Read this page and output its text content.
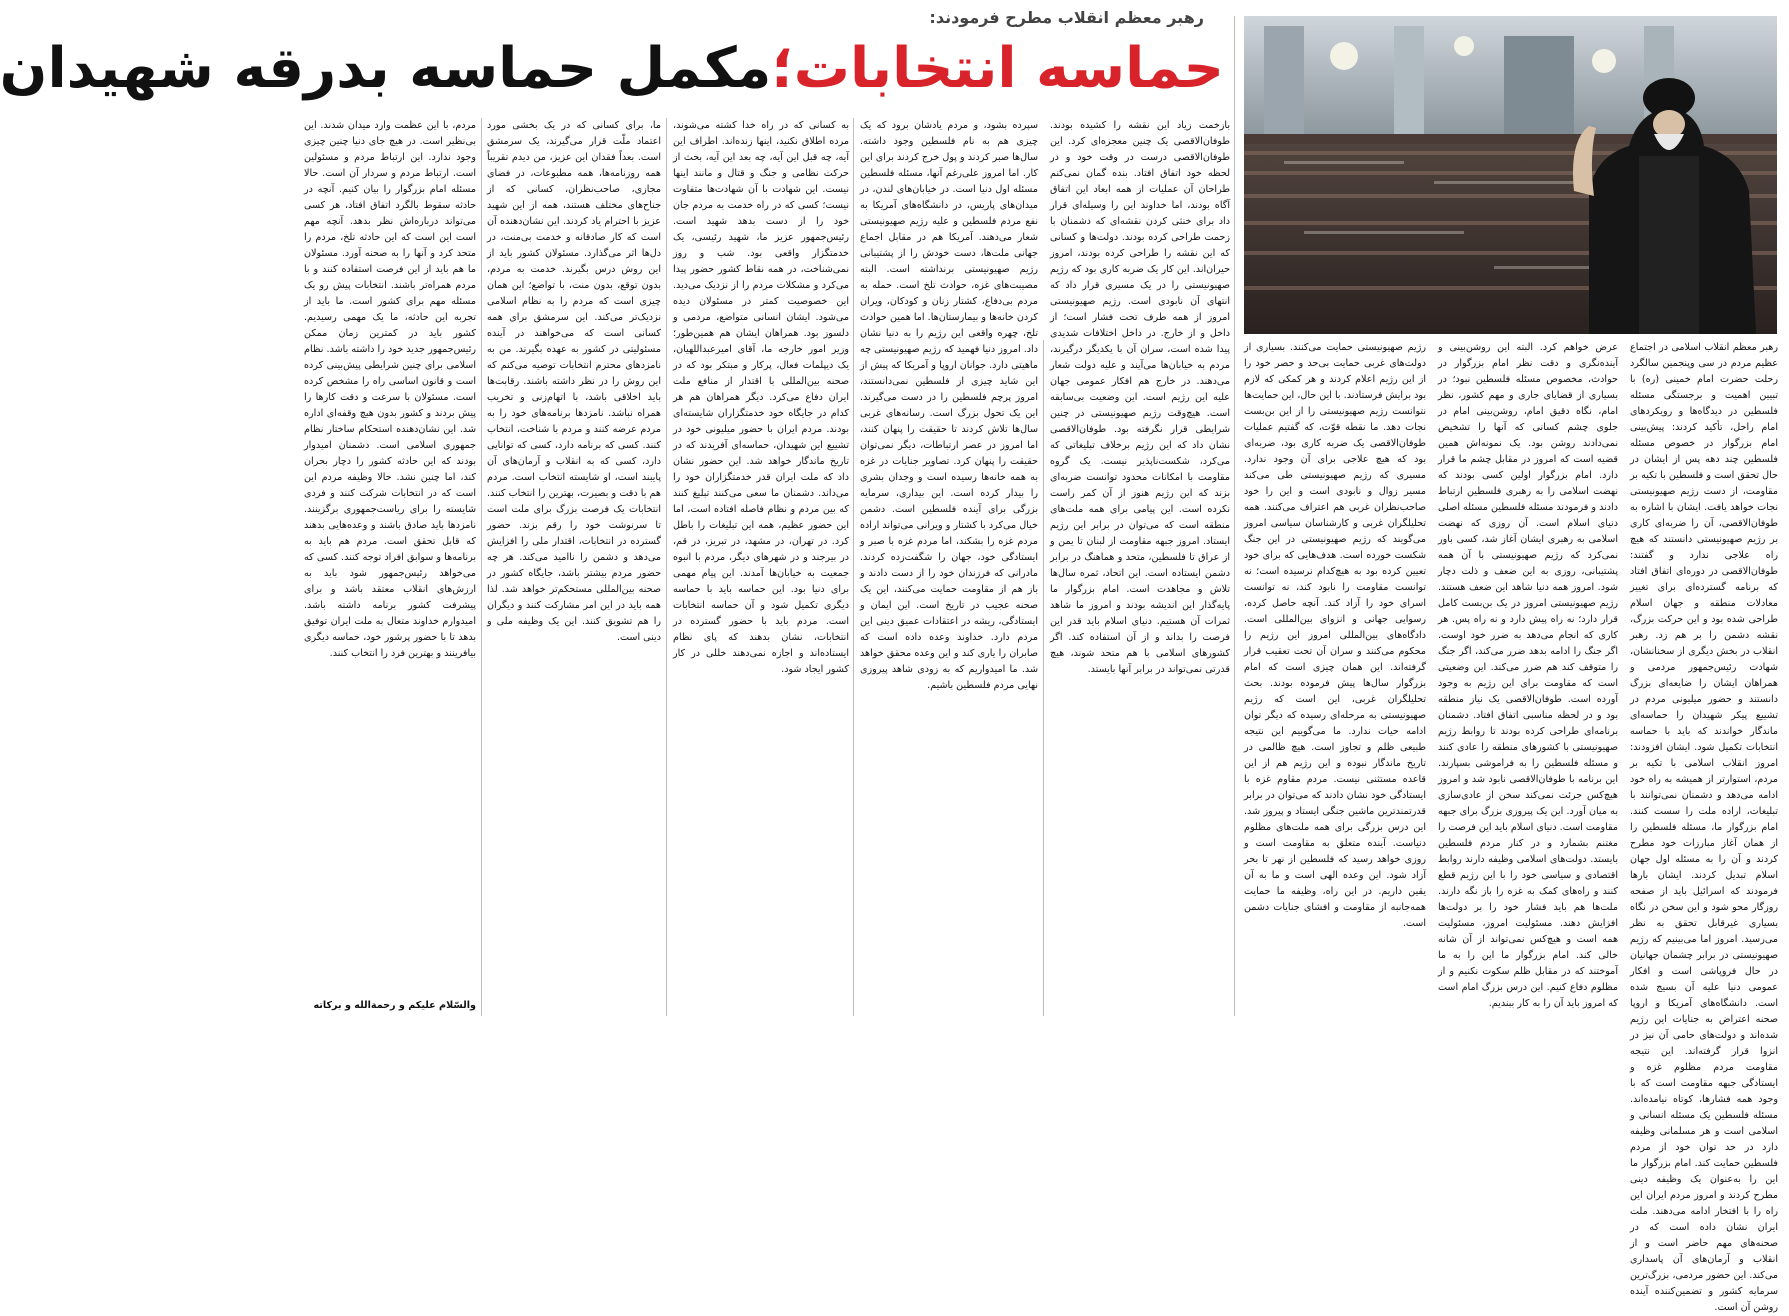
رهبر معظم انقلاب مطرح فرمودند:
حماسه انتخابات؛مکمل حماسه بدرقه شهیدان

رهبر معظم انقلاب اسلامی در اجتماع عظیم مردم در سی وپنجمین سالگرد رحلت حضرت امام خمینی (ره) با تبیین اهمیت و برجستگی مسئله فلسطین در دیدگاه‌ها و رویکردهای امام راحل، تأکید کردند: پیش‌بینی امام بزرگوار در خصوص مسئله فلسطین چند دهه پس از ایشان در حال تحقق است و فلسطین با تکیه بر مقاومت، از دست رژیم صهیونیستی نجات خواهد یافت. ایشان با اشاره به طوفان‌الاقصی، آن را ضربه‌ای کاری بر رژیم صهیونیستی دانستند که هیچ راه علاجی ندارد و گفتند: طوفان‌الاقصی در دوره‌ای اتفاق افتاد که برنامه گسترده‌ای برای تغییر معادلات منطقه و جهان اسلام طراحی شده بود و این حرکت بزرگ، نقشه دشمن را بر هم زد. رهبر انقلاب در بخش دیگری از سخنانشان، شهادت رئیس‌جمهور مردمی و همراهان ایشان را ضایعه‌ای بزرگ دانستند و حضور میلیونی مردم در تشییع پیکر شهیدان را حماسه‌ای ماندگار خواندند که باید با حماسه انتخابات تکمیل شود. ایشان افزودند: امروز انقلاب اسلامی با تکیه بر مردم، استوارتر از همیشه به راه خود ادامه می‌دهد و دشمنان نمی‌توانند با تبلیغات، اراده ملت را سست کنند. امام بزرگوار ما، مسئله فلسطین را از همان آغاز مبارزات خود مطرح کردند و آن را به مسئله اول جهان اسلام تبدیل کردند. ایشان بارها فرمودند که اسرائیل باید از صفحه روزگار محو شود و این سخن در نگاه بسیاری غیرقابل تحقق به نظر می‌رسید. امروز اما می‌بینیم که رژیم صهیونیستی در برابر چشمان جهانیان در حال فروپاشی است و افکار عمومی دنیا علیه آن بسیج شده است. دانشگاه‌های آمریکا و اروپا صحنه اعتراض به جنایات این رژیم شده‌اند و دولت‌های حامی آن نیز در انزوا قرار گرفته‌اند. این نتیجه مقاومت مردم مظلوم غزه و ایستادگی جبهه مقاومت است که با وجود همه فشارها، کوتاه نیامده‌اند. مسئله فلسطین یک مسئله انسانی و اسلامی است و هر مسلمانی وظیفه دارد در حد توان خود از مردم فلسطین حمایت کند. امام بزرگوار ما این را به‌عنوان یک وظیفه دینی مطرح کردند و امروز مردم ایران این راه را با افتخار ادامه می‌دهند. ملت ایران نشان داده است که در صحنه‌های مهم حاضر است و از انقلاب و آرمان‌های آن پاسداری می‌کند. این حضور مردمی، بزرگ‌ترین سرمایه کشور و تضمین‌کننده آینده روشن آن است.

عرض خواهم کرد. البته این روشن‌بینی و آینده‌نگری و دقت نظر امام بزرگوار در حوادث، مخصوص مسئله فلسطین نبود؛ در بسیاری از قضایای جاری و مهم کشور، نظر امام، نگاه دقیق امام، روشن‌بینی امام در جلوی چشم کسانی که آنها را تشخیص نمی‌دادند روشن بود. یک نمونه‌اش همین قضیه است که امروز در مقابل چشم ما قرار دارد. امام بزرگوار اولین کسی بودند که نهضت اسلامی را به رهبری فلسطین ارتباط دادند و فرمودند مسئله فلسطین مسئله اصلی دنیای اسلام است. آن روزی که نهضت اسلامی به رهبری ایشان آغاز شد، کسی باور نمی‌کرد که رژیم صهیونیستی با آن همه پشتیبانی، روزی به این ضعف و ذلت دچار شود. امروز همه دنیا شاهد این ضعف هستند. رژیم صهیونیستی امروز در یک بن‌بست کامل قرار دارد؛ نه راه پیش دارد و نه راه پس. هر کاری که انجام می‌دهد به ضرر خود اوست. اگر جنگ را ادامه بدهد ضرر می‌کند، اگر جنگ را متوقف کند هم ضرر می‌کند. این وضعیتی است که مقاومت برای این رژیم به وجود آورده است. طوفان‌الاقصی یک نیاز منطقه بود و در لحظه مناسبی اتفاق افتاد. دشمنان برنامه‌ای طراحی کرده بودند تا روابط رژیم صهیونیستی با کشورهای منطقه را عادی کنند و مسئله فلسطین را به فراموشی بسپارند. این برنامه با طوفان‌الاقصی نابود شد و امروز هیچ‌کس جرئت نمی‌کند سخن از عادی‌سازی به میان آورد. این یک پیروزی بزرگ برای جبهه مقاومت است. دنیای اسلام باید این فرصت را مغتنم بشمارد و در کنار مردم فلسطین بایستد. دولت‌های اسلامی وظیفه دارند روابط اقتصادی و سیاسی خود را با این رژیم قطع کنند و راه‌های کمک به غزه را باز نگه دارند. ملت‌ها هم باید فشار خود را بر دولت‌ها افزایش دهند. مسئولیت امروز، مسئولیت همه است و هیچ‌کس نمی‌تواند از آن شانه خالی کند. امام بزرگوار ما این را به ما آموختند که در مقابل ظلم سکوت نکنیم و از مظلوم دفاع کنیم. این درس بزرگ امام است که امروز باید آن را به کار ببندیم.

رژیم صهیونیستی حمایت می‌کنند. بسیاری از دولت‌های غربی حمایت بی‌حد و حصر خود را از این رژیم اعلام کردند و هر کمکی که لازم بود برایش فرستادند. با این حال، این حمایت‌ها نتوانست رژیم صهیونیستی را از این بن‌بست نجات دهد. ما نقطه قوّت، که گفتیم عملیات طوفان‌الاقصی یک ضربه کاری بود، ضربه‌ای بود که هیچ علاجی برای آن وجود ندارد. مسیری که رژیم صهیونیستی طی می‌کند مسیر زوال و نابودی است و این را خود صاحب‌نظران غربی هم اعتراف می‌کنند. همه تحلیلگران غربی و کارشناسان سیاسی امروز می‌گویند که رژیم صهیونیستی در این جنگ شکست خورده است. هدف‌هایی که برای خود تعیین کرده بود به هیچ‌کدام نرسیده است؛ نه توانست مقاومت را نابود کند، نه توانست اسرای خود را آزاد کند. آنچه حاصل کرده، رسوایی جهانی و انزوای بین‌المللی است. دادگاه‌های بین‌المللی امروز این رژیم را محکوم می‌کنند و سران آن تحت تعقیب قرار گرفته‌اند. این همان چیزی است که امام بزرگوار سال‌ها پیش فرموده بودند. بحث تحلیلگران غربی، این است که رژیم صهیونیستی به مرحله‌ای رسیده که دیگر توان ادامه حیات ندارد. ما می‌گوییم این نتیجه طبیعی ظلم و تجاوز است. هیچ ظالمی در تاریخ ماندگار نبوده و این رژیم هم از این قاعده مستثنی نیست. مردم مقاوم غزه با ایستادگی خود نشان دادند که می‌توان در برابر قدرتمندترین ماشین جنگی ایستاد و پیروز شد. این درس بزرگی برای همه ملت‌های مظلوم دنیاست. آینده متعلق به مقاومت است و روزی خواهد رسید که فلسطین از نهر تا بحر آزاد شود. این وعده الهی است و ما به آن یقین داریم. در این راه، وظیفه ما حمایت همه‌جانبه از مقاومت و افشای جنایات دشمن است.

بازخمت زیاد این نقشه را کشیده بودند. طوفان‌الاقصی یک چنین معجزه‌ای کرد. این طوفان‌الاقصی درست در وقت خود و در لحظه خود اتفاق افتاد. بنده گمان نمی‌کنم طراحان آن عملیات از همه ابعاد این اتفاق آگاه بودند، اما خداوند این را وسیله‌ای قرار داد برای خنثی کردن نقشه‌ای که دشمنان با زحمت طراحی کرده بودند. دولت‌ها و کسانی که این نقشه را طراحی کرده بودند، امروز حیران‌اند. این کار یک ضربه کاری بود که رژیم صهیونیستی را در یک مسیری قرار داد که انتهای آن نابودی است. رژیم صهیونیستی امروز از همه طرف تحت فشار است؛ از داخل و از خارج. در داخل اختلافات شدیدی پیدا شده است، سران آن با یکدیگر درگیرند، مردم به خیابان‌ها می‌آیند و علیه دولت شعار می‌دهند. در خارج هم افکار عمومی جهان علیه این رژیم است. این وضعیت بی‌سابقه است. هیچ‌وقت رژیم صهیونیستی در چنین شرایطی قرار نگرفته بود. طوفان‌الاقصی نشان داد که این رژیم برخلاف تبلیغاتی که می‌کرد، شکست‌ناپذیر نیست. یک گروه مقاومت با امکانات محدود توانست ضربه‌ای بزند که این رژیم هنوز از آن کمر راست نکرده است. این پیامی برای همه ملت‌های منطقه است که می‌توان در برابر این رژیم ایستاد. امروز جبهه مقاومت از لبنان تا یمن و از عراق تا فلسطین، متحد و هماهنگ در برابر دشمن ایستاده است. این اتحاد، ثمره سال‌ها تلاش و مجاهدت است. امام بزرگوار ما پایه‌گذار این اندیشه بودند و امروز ما شاهد ثمرات آن هستیم. دنیای اسلام باید قدر این فرصت را بداند و از آن استفاده کند. اگر کشورهای اسلامی با هم متحد شوند، هیچ قدرتی نمی‌تواند در برابر آنها بایستد.

سپرده بشود، و مردم یادشان برود که یک چیزی هم به نام فلسطین وجود داشته. سال‌ها صبر کردند و پول خرج کردند برای این کار. اما امروز علی‌رغم آنها، مسئله فلسطین مسئله اول دنیا است. در خیابان‌های لندن، در میدان‌های پاریس، در دانشگاه‌های آمریکا به نفع مردم فلسطین و علیه رژیم صهیونیستی شعار می‌دهند. آمریکا هم در مقابل اجماع جهانی ملت‌ها، دست خودش را از پشتیبانی رژیم صهیونیستی برنداشته است. البته مصیبت‌های غزه، حوادث تلخ است. حمله به مردم بی‌دفاع، کشتار زنان و کودکان، ویران کردن خانه‌ها و بیمارستان‌ها. اما همین حوادث تلخ، چهره واقعی این رژیم را به دنیا نشان داد. امروز دنیا فهمید که رژیم صهیونیستی چه ماهیتی دارد. جوانان اروپا و آمریکا که پیش از این شاید چیزی از فلسطین نمی‌دانستند، امروز پرچم فلسطین را در دست می‌گیرند. این یک تحول بزرگ است. رسانه‌های غربی سال‌ها تلاش کردند تا حقیقت را پنهان کنند، اما امروز در عصر ارتباطات، دیگر نمی‌توان حقیقت را پنهان کرد. تصاویر جنایات در غزه به همه خانه‌ها رسیده است و وجدان بشری را بیدار کرده است. این بیداری، سرمایه بزرگی برای آینده فلسطین است. دشمن خیال می‌کرد با کشتار و ویرانی می‌تواند اراده مردم غزه را بشکند، اما مردم غزه با صبر و ایستادگی خود، جهان را شگفت‌زده کردند. مادرانی که فرزندان خود را از دست دادند و باز هم از مقاومت حمایت می‌کنند، این یک صحنه عجیب در تاریخ است. این ایمان و ایستادگی، ریشه در اعتقادات عمیق دینی این مردم دارد. خداوند وعده داده است که صابران را یاری کند و این وعده محقق خواهد شد. ما امیدواریم که به زودی شاهد پیروزی نهایی مردم فلسطین باشیم.

به کسانی که در راه خدا کشته می‌شوند، مرده اطلاق نکنید، اینها زنده‌اند. اطراف این آیه، چه قبل این آیه، چه بعد این آیه، بحث از حرکت نظامی و جنگ و قتال و مانند اینها نیست. این شهادت با آن شهادت‌ها متفاوت نیست؛ کسی که در راه خدمت به مردم جان خود را از دست بدهد شهید است. رئیس‌جمهور عزیز ما، شهید رئیسی، یک خدمتگزار واقعی بود. شب و روز نمی‌شناخت، در همه نقاط کشور حضور پیدا می‌کرد و مشکلات مردم را از نزدیک می‌دید. این خصوصیت کمتر در مسئولان دیده می‌شود. ایشان انسانی متواضع، مردمی و دلسوز بود. همراهان ایشان هم همین‌طور؛ وزیر امور خارجه ما، آقای امیرعبداللهیان، یک دیپلمات فعال، پرکار و مبتکر بود که در صحنه بین‌المللی با اقتدار از منافع ملت ایران دفاع می‌کرد. دیگر همراهان هم هر کدام در جایگاه خود خدمتگزاران شایسته‌ای بودند. مردم ایران با حضور میلیونی خود در تشییع این شهیدان، حماسه‌ای آفریدند که در تاریخ ماندگار خواهد شد. این حضور نشان داد که ملت ایران قدر خدمتگزاران خود را می‌داند. دشمنان ما سعی می‌کنند تبلیغ کنند که بین مردم و نظام فاصله افتاده است، اما این حضور عظیم، همه این تبلیغات را باطل کرد. در تهران، در مشهد، در تبریز، در قم، در بیرجند و در شهرهای دیگر، مردم با انبوه جمعیت به خیابان‌ها آمدند. این پیام مهمی برای دنیا بود. این حماسه باید با حماسه دیگری تکمیل شود و آن حماسه انتخابات است. مردم باید با حضور گسترده در انتخابات، نشان بدهند که پای نظام ایستاده‌اند و اجازه نمی‌دهند خللی در کار کشور ایجاد شود.

ما، برای کسانی که در یک بخشی مورد اعتماد ملّت قرار می‌گیرند، یک سرمشق است. بعداً فقدان این عزیز، من دیدم تقریباً همه روزنامه‌ها، همه مطبوعات، در فضای مجازی، صاحب‌نظران، کسانی که از جناح‌های مختلف هستند، همه از این شهید عزیز با احترام یاد کردند. این نشان‌دهنده آن است که کار صادقانه و خدمت بی‌منت، در دل‌ها اثر می‌گذارد. مسئولان کشور باید از این روش درس بگیرند. خدمت به مردم، بدون توقع، بدون منت، با تواضع؛ این همان چیزی است که مردم را به نظام اسلامی نزدیک‌تر می‌کند. این سرمشق برای همه کسانی است که می‌خواهند در آینده مسئولیتی در کشور به عهده بگیرند. من به نامزدهای محترم انتخابات توصیه می‌کنم که این روش را در نظر داشته باشند. رقابت‌ها باید اخلاقی باشد، با اتهام‌زنی و تخریب همراه نباشد. نامزدها برنامه‌های خود را به مردم عرضه کنند و مردم با شناخت، انتخاب کنند. کسی که برنامه دارد، کسی که توانایی دارد، کسی که به انقلاب و آرمان‌های آن پایبند است، او شایسته انتخاب است. مردم هم با دقت و بصیرت، بهترین را انتخاب کنند. انتخابات یک فرصت بزرگ برای ملت است تا سرنوشت خود را رقم بزند. حضور گسترده در انتخابات، اقتدار ملی را افزایش می‌دهد و دشمن را ناامید می‌کند. هر چه حضور مردم بیشتر باشد، جایگاه کشور در صحنه بین‌المللی مستحکم‌تر خواهد شد. لذا همه باید در این امر مشارکت کنند و دیگران را هم تشویق کنند. این یک وظیفه ملی و دینی است.

مردم، با این عظمت وارد میدان شدند. این بی‌نظیر است. در هیچ جای دنیا چنین چیزی وجود ندارد. این ارتباط مردم و مسئولین است. ارتباط مردم و سردار آن است. حالا مسئله امام بزرگوار را بیان کنیم. آنچه در حادثه سقوط بالگرد اتفاق افتاد، هر کسی می‌تواند درباره‌اش نظر بدهد. آنچه مهم است این است که این حادثه تلخ، مردم را متحد کرد و آنها را به صحنه آورد. مسئولان ما هم باید از این فرصت استفاده کنند و با مردم همراه‌تر باشند. انتخابات پیش رو یک مسئله مهم برای کشور است. ما باید از تجربه این حادثه، ما یک مهمی رسیدیم. کشور باید در کمترین زمان ممکن رئیس‌جمهور جدید خود را داشته باشد. نظام اسلامی برای چنین شرایطی پیش‌بینی کرده است و قانون اساسی راه را مشخص کرده است. مسئولان با سرعت و دقت کارها را پیش بردند و کشور بدون هیچ وقفه‌ای اداره شد. این نشان‌دهنده استحکام ساختار نظام جمهوری اسلامی است. دشمنان امیدوار بودند که این حادثه کشور را دچار بحران کند، اما چنین نشد. حالا وظیفه مردم این است که در انتخابات شرکت کنند و فردی شایسته را برای ریاست‌جمهوری برگزینند. نامزدها باید صادق باشند و وعده‌هایی بدهند که قابل تحقق است. مردم هم باید به برنامه‌ها و سوابق افراد توجه کنند. کسی که می‌خواهد رئیس‌جمهور شود باید به ارزش‌های انقلاب معتقد باشد و برای پیشرفت کشور برنامه داشته باشد. امیدوارم خداوند متعال به ملت ایران توفیق بدهد تا با حضور پرشور خود، حماسه دیگری بیافرینند و بهترین فرد را انتخاب کنند.

والسّلام علیکم و رحمة‌الله و برکاته
